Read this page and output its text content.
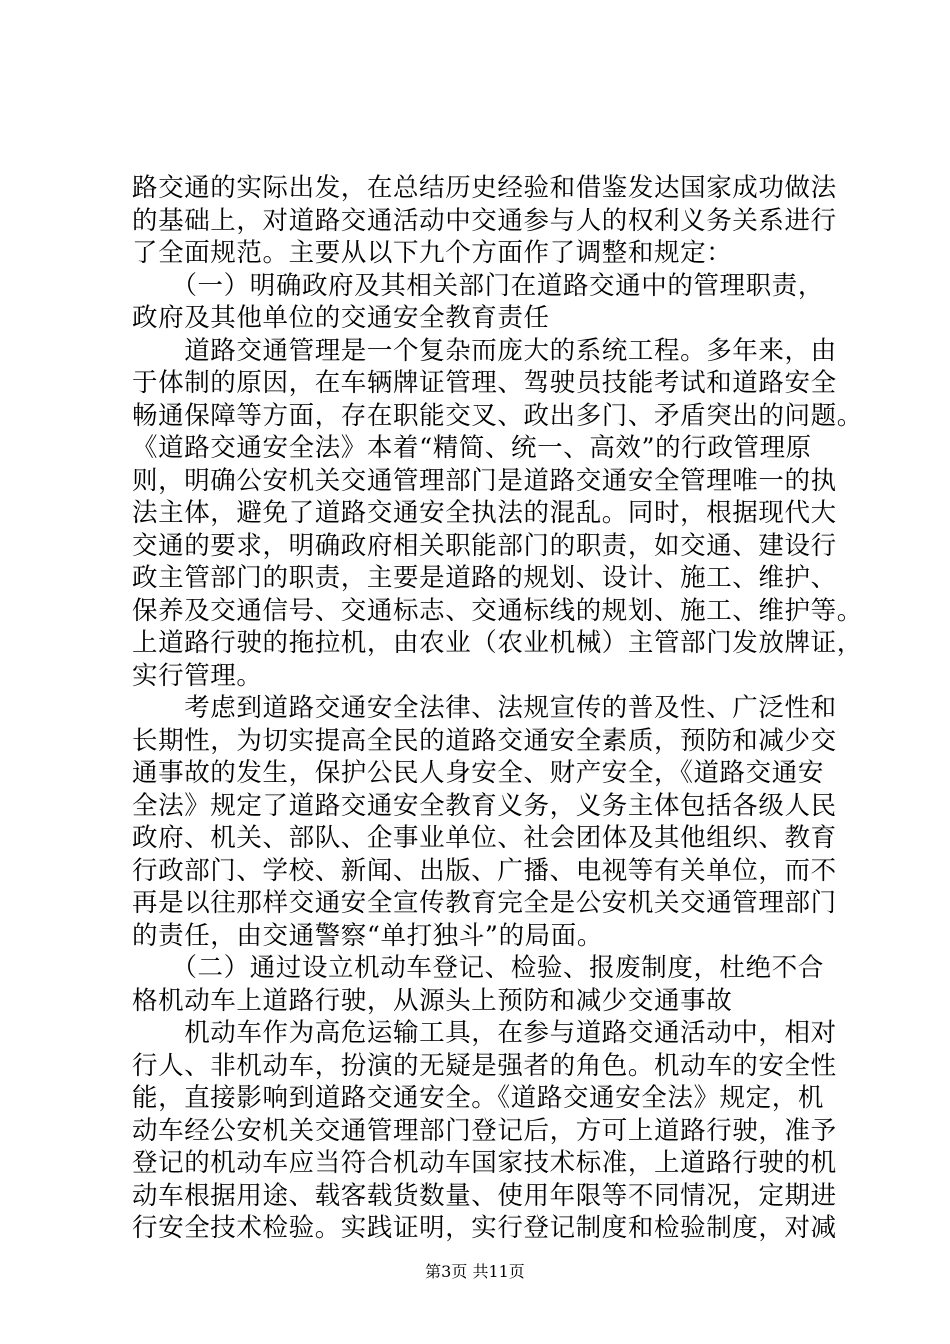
路交通的实际出发，在总结历史经验和借鉴发达国家成功做法
的基础上，对道路交通活动中交通参与人的权利义务关系进行
了全面规范。主要从以下九个方面作了调整和规定：
　　（一）明确政府及其相关部门在道路交通中的管理职责，
政府及其他单位的交通安全教育责任
　　道路交通管理是一个复杂而庞大的系统工程。多年来，由
于体制的原因，在车辆牌证管理、驾驶员技能考试和道路安全
畅通保障等方面，存在职能交叉、政出多门、矛盾突出的问题。
《道路交通安全法》本着“精简、统一、高效”的行政管理原
则，明确公安机关交通管理部门是道路交通安全管理唯一的执
法主体，避免了道路交通安全执法的混乱。同时，根据现代大
交通的要求，明确政府相关职能部门的职责，如交通、建设行
政主管部门的职责，主要是道路的规划、设计、施工、维护、
保养及交通信号、交通标志、交通标线的规划、施工、维护等。
上道路行驶的拖拉机，由农业（农业机械）主管部门发放牌证，
实行管理。
　　考虑到道路交通安全法律、法规宣传的普及性、广泛性和
长期性，为切实提高全民的道路交通安全素质，预防和减少交
通事故的发生，保护公民人身安全、财产安全，《道路交通安
全法》规定了道路交通安全教育义务，义务主体包括各级人民
政府、机关、部队、企事业单位、社会团体及其他组织、教育
行政部门、学校、新闻、出版、广播、电视等有关单位，而不
再是以往那样交通安全宣传教育完全是公安机关交通管理部门
的责任，由交通警察“单打独斗”的局面。
　　（二）通过设立机动车登记、检验、报废制度，杜绝不合
格机动车上道路行驶，从源头上预防和减少交通事故
　　机动车作为高危运输工具，在参与道路交通活动中，相对
行人、非机动车，扮演的无疑是强者的角色。机动车的安全性
能，直接影响到道路交通安全。《道路交通安全法》规定，机
动车经公安机关交通管理部门登记后，方可上道路行驶，准予
登记的机动车应当符合机动车国家技术标准，上道路行驶的机
动车根据用途、载客载货数量、使用年限等不同情况，定期进
行安全技术检验。实践证明，实行登记制度和检验制度，对减
第3页 共11页
